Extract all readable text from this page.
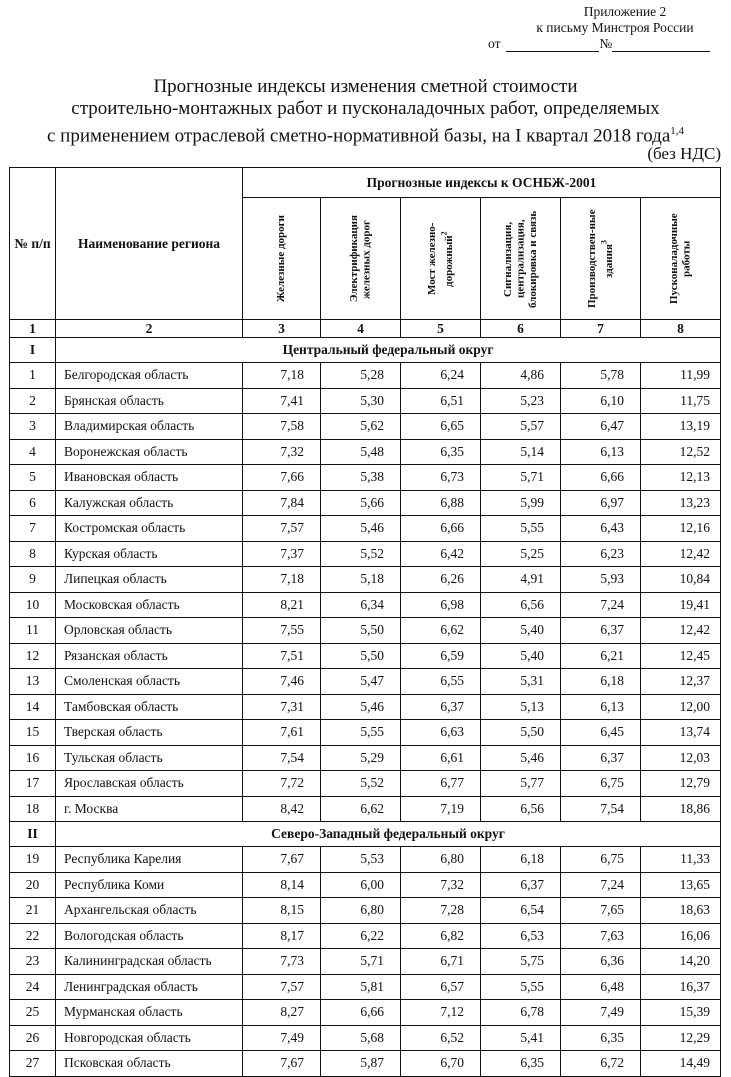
Приложение 2
к письму Минстроя России
от	№
Прогнозные индексы изменения сметной стоимости
строительно-монтажных работ и пусконаладочных работ, определяемых
с применением отраслевой сметно-нормативной базы, на I квартал 2018 года$^{1,4}$
(без НДС)
№ п/п	Наименование региона	Прогнозные индексы к ОСНБЖ-2001					

		Железные дороги	Электрификация железных дорог	Мост железно-дорожный$^2$	Сигнализация, централизация, блокировка и связь	Производствен-ные здания$^3$	Пусконаладочные работы

1	2	3	4	5	6	7	8
I	Центральный федеральный округ						
1	Белгородская область	7,18	5,28	6,24	4,86	5,78	11,99
2	Брянская область	7,41	5,30	6,51	5,23	6,10	11,75
3	Владимирская область	7,58	5,62	6,65	5,57	6,47	13,19
4	Воронежская область	7,32	5,48	6,35	5,14	6,13	12,52
5	Ивановская область	7,66	5,38	6,73	5,71	6,66	12,13
6	Калужская область	7,84	5,66	6,88	5,99	6,97	13,23
7	Костромская область	7,57	5,46	6,66	5,55	6,43	12,16
8	Курская область	7,37	5,52	6,42	5,25	6,23	12,42
9	Липецкая область	7,18	5,18	6,26	4,91	5,93	10,84
10	Московская область	8,21	6,34	6,98	6,56	7,24	19,41
11	Орловская область	7,55	5,50	6,62	5,40	6,37	12,42
12	Рязанская область	7,51	5,50	6,59	5,40	6,21	12,45
13	Смоленская область	7,46	5,47	6,55	5,31	6,18	12,37
14	Тамбовская область	7,31	5,46	6,37	5,13	6,13	12,00
15	Тверская область	7,61	5,55	6,63	5,50	6,45	13,74
16	Тульская область	7,54	5,29	6,61	5,46	6,37	12,03
17	Ярославская область	7,72	5,52	6,77	5,77	6,75	12,79
18	г. Москва	8,42	6,62	7,19	6,56	7,54	18,86
II	Северо-Западный федеральный округ						
19	Республика Карелия	7,67	5,53	6,80	6,18	6,75	11,33
20	Республика Коми	8,14	6,00	7,32	6,37	7,24	13,65
21	Архангельская область	8,15	6,80	7,28	6,54	7,65	18,63
22	Вологодская область	8,17	6,22	6,82	6,53	7,63	16,06
23	Калининградская область	7,73	5,71	6,71	5,75	6,36	14,20
24	Ленинградская область	7,57	5,81	6,57	5,55	6,48	16,37
25	Мурманская область	8,27	6,66	7,12	6,78	7,49	15,39
26	Новгородская область	7,49	5,68	6,52	5,41	6,35	12,29
27	Псковская область	7,67	5,87	6,70	6,35	6,72	14,49
